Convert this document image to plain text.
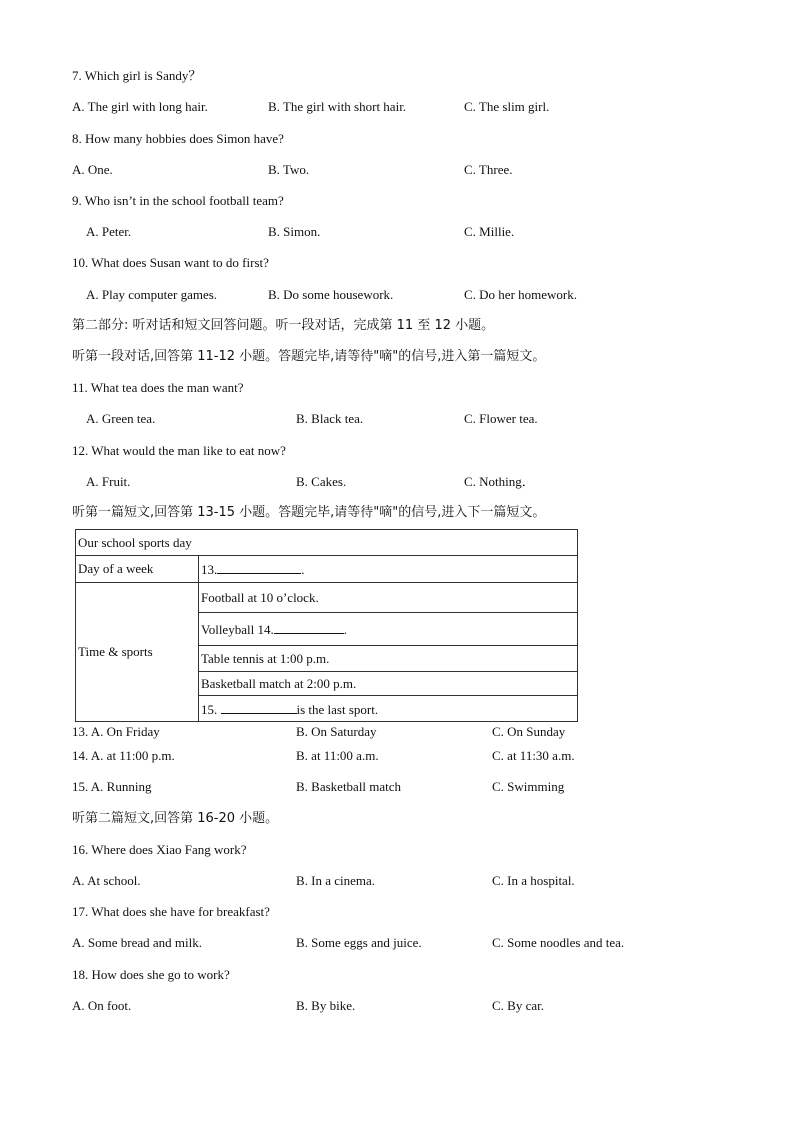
7. Which girl is Sandy？
A. The girl with long hair.	B. The girl with short hair.	C. The slim girl.
8. How many hobbies does Simon have?
A. One.	B. Two.	C. Three.
9. Who isn’t in the school football team?
A. Peter.	B. Simon.	C. Millie.
10. What does Susan want to do first?
A. Play computer games.	B. Do some housework.	C. Do her homework.
第二部分: 听对话和短文回答问题。听一段对话，完成第 11 至 12 小题。
听第一段对话,回答第 11-12 小题。答题完毕,请等待"嘀"的信号,进入第一篇短文。
11. What tea does the man want?
A. Green tea.	B. Black tea.	C. Flower tea.
12. What would the man like to eat now?
A. Fruit.	B. Cakes.	C. Nothing．
听第一篇短文,回答第 13-15 小题。答题完毕,请等待"嘀"的信号,进入下一篇短文。
Our school sports day	
Day of a week	13. .
Time & sports	Football at 10 o’clock.
	Volleyball 14. .
	Table tennis at 1:00 p.m.
	Basketball match at 2:00 p.m.
	15. is the last sport.
13. A. On Friday	B. On Saturday	C. On Sunday
14. A. at 11:00 p.m.	B. at 11:00 a.m.	C. at 11:30 a.m.
15. A. Running	B. Basketball match	C. Swimming
听第二篇短文,回答第 16-20 小题。
16. Where does Xiao Fang work?
A. At school.	B. In a cinema.	C. In a hospital.
17. What does she have for breakfast?
A. Some bread and milk.	B. Some eggs and juice.	C. Some noodles and tea.
18. How does she go to work?
A. On foot.	B. By bike.	C. By car.
